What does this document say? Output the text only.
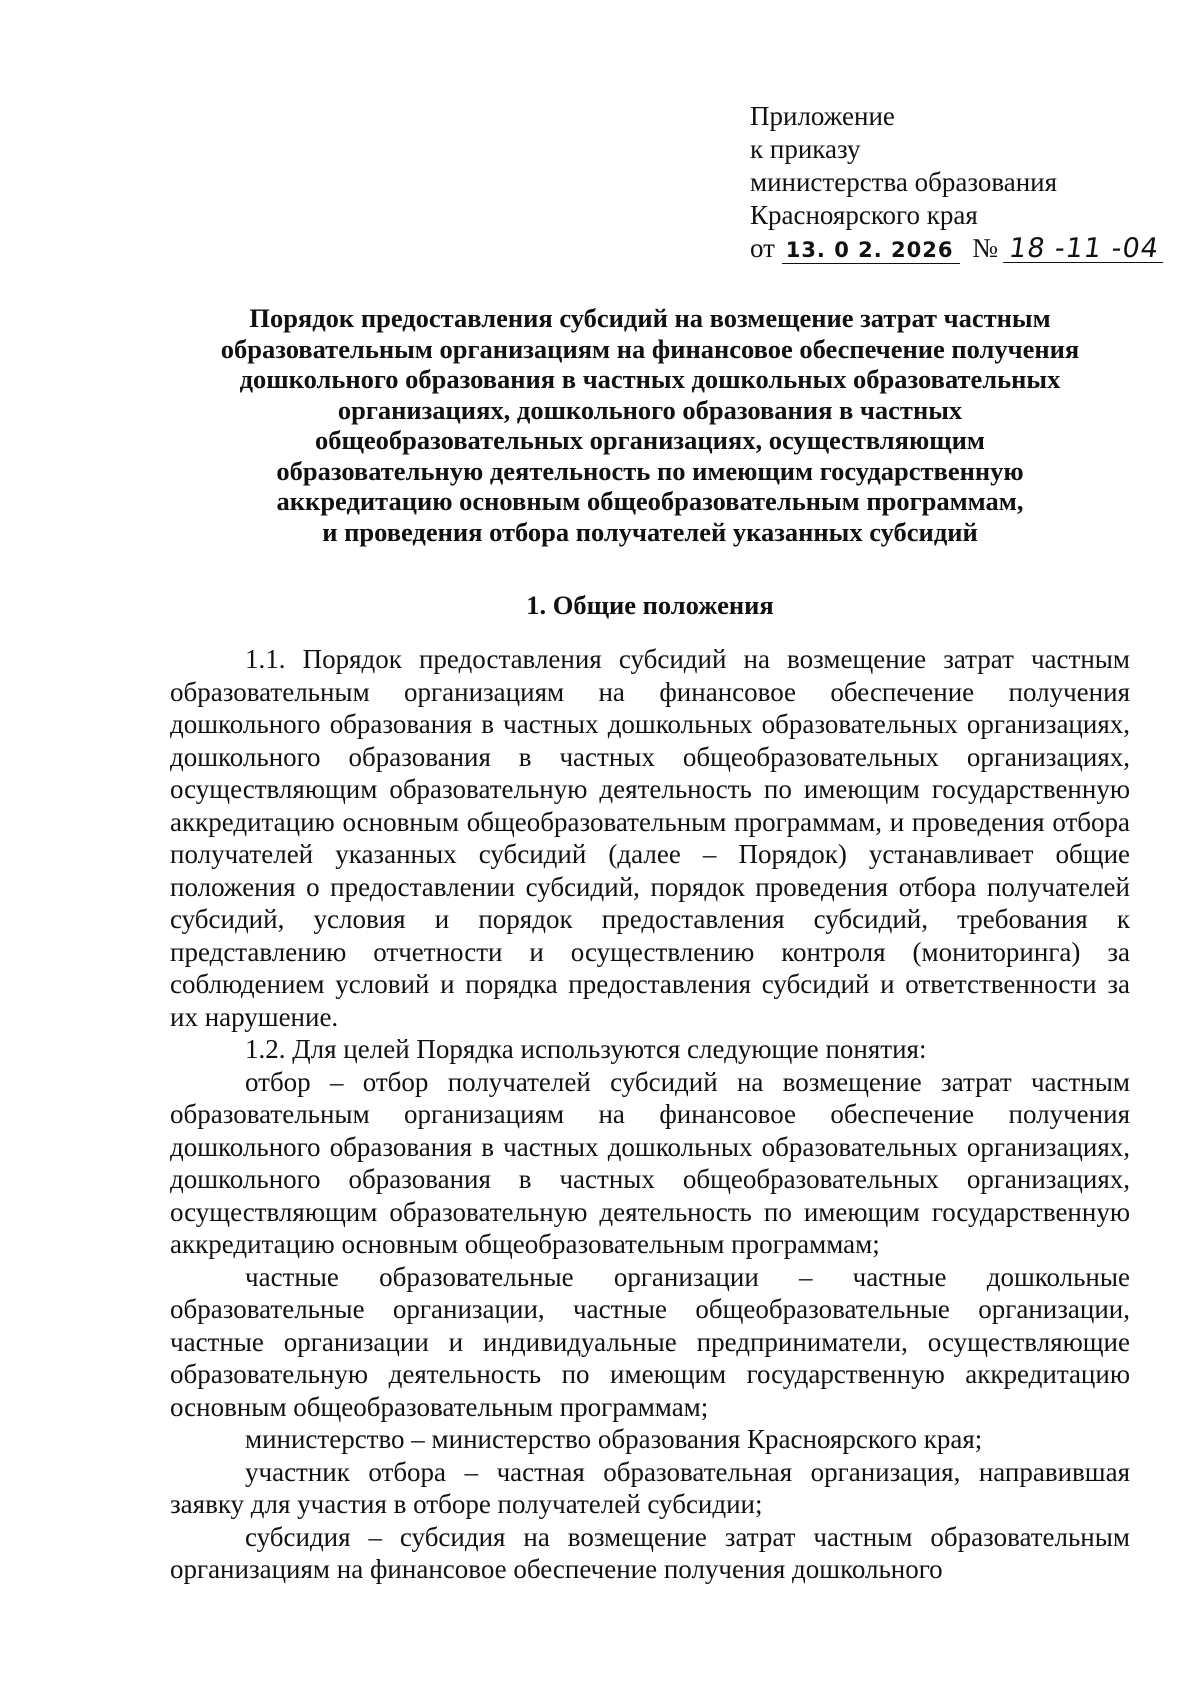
Приложение
к приказу
министерства образования
Красноярского края
от 13. 0 2. 2026 № 18 -11 -04
Порядок предоставления субсидий на возмещение затрат частным
образовательным организациям на финансовое обеспечение получения
дошкольного образования в частных дошкольных образовательных
организациях, дошкольного образования в частных
общеобразовательных организациях, осуществляющим
образовательную деятельность по имеющим государственную
аккредитацию основным общеобразовательным программам,
и проведения отбора получателей указанных субсидий
1. Общие положения

1.1. Порядок предоставления субсидий на возмещение затрат частным образовательным организациям на финансовое обеспечение получения дошкольного образования в частных дошкольных образовательных организациях, дошкольного образования в частных общеобразовательных организациях, осуществляющим образовательную деятельность по имеющим государственную аккредитацию основным общеобразовательным программам, и проведения отбора получателей указанных субсидий (далее – Порядок) устанавливает общие положения о предоставлении субсидий, порядок проведения отбора получателей субсидий, условия и порядок предоставления субсидий, требования к представлению отчетности и осуществлению контроля (мониторинга) за соблюдением условий и порядка предоставления субсидий и ответственности за их нарушение.

1.2. Для целей Порядка используются следующие понятия:

отбор – отбор получателей субсидий на возмещение затрат частным образовательным организациям на финансовое обеспечение получения дошкольного образования в частных дошкольных образовательных организациях, дошкольного образования в частных общеобразовательных организациях, осуществляющим образовательную деятельность по имеющим государственную аккредитацию основным общеобразовательным программам;

частные образовательные организации – частные дошкольные образовательные организации, частные общеобразовательные организации, частные организации и индивидуальные предприниматели, осуществляющие образовательную деятельность по имеющим государственную аккредитацию основным общеобразовательным программам;

министерство – министерство образования Красноярского края;

участник отбора – частная образовательная организация, направившая заявку для участия в отборе получателей субсидии;

субсидия – субсидия на возмещение затрат частным образовательным организациям на финансовое обеспечение получения дошкольного
